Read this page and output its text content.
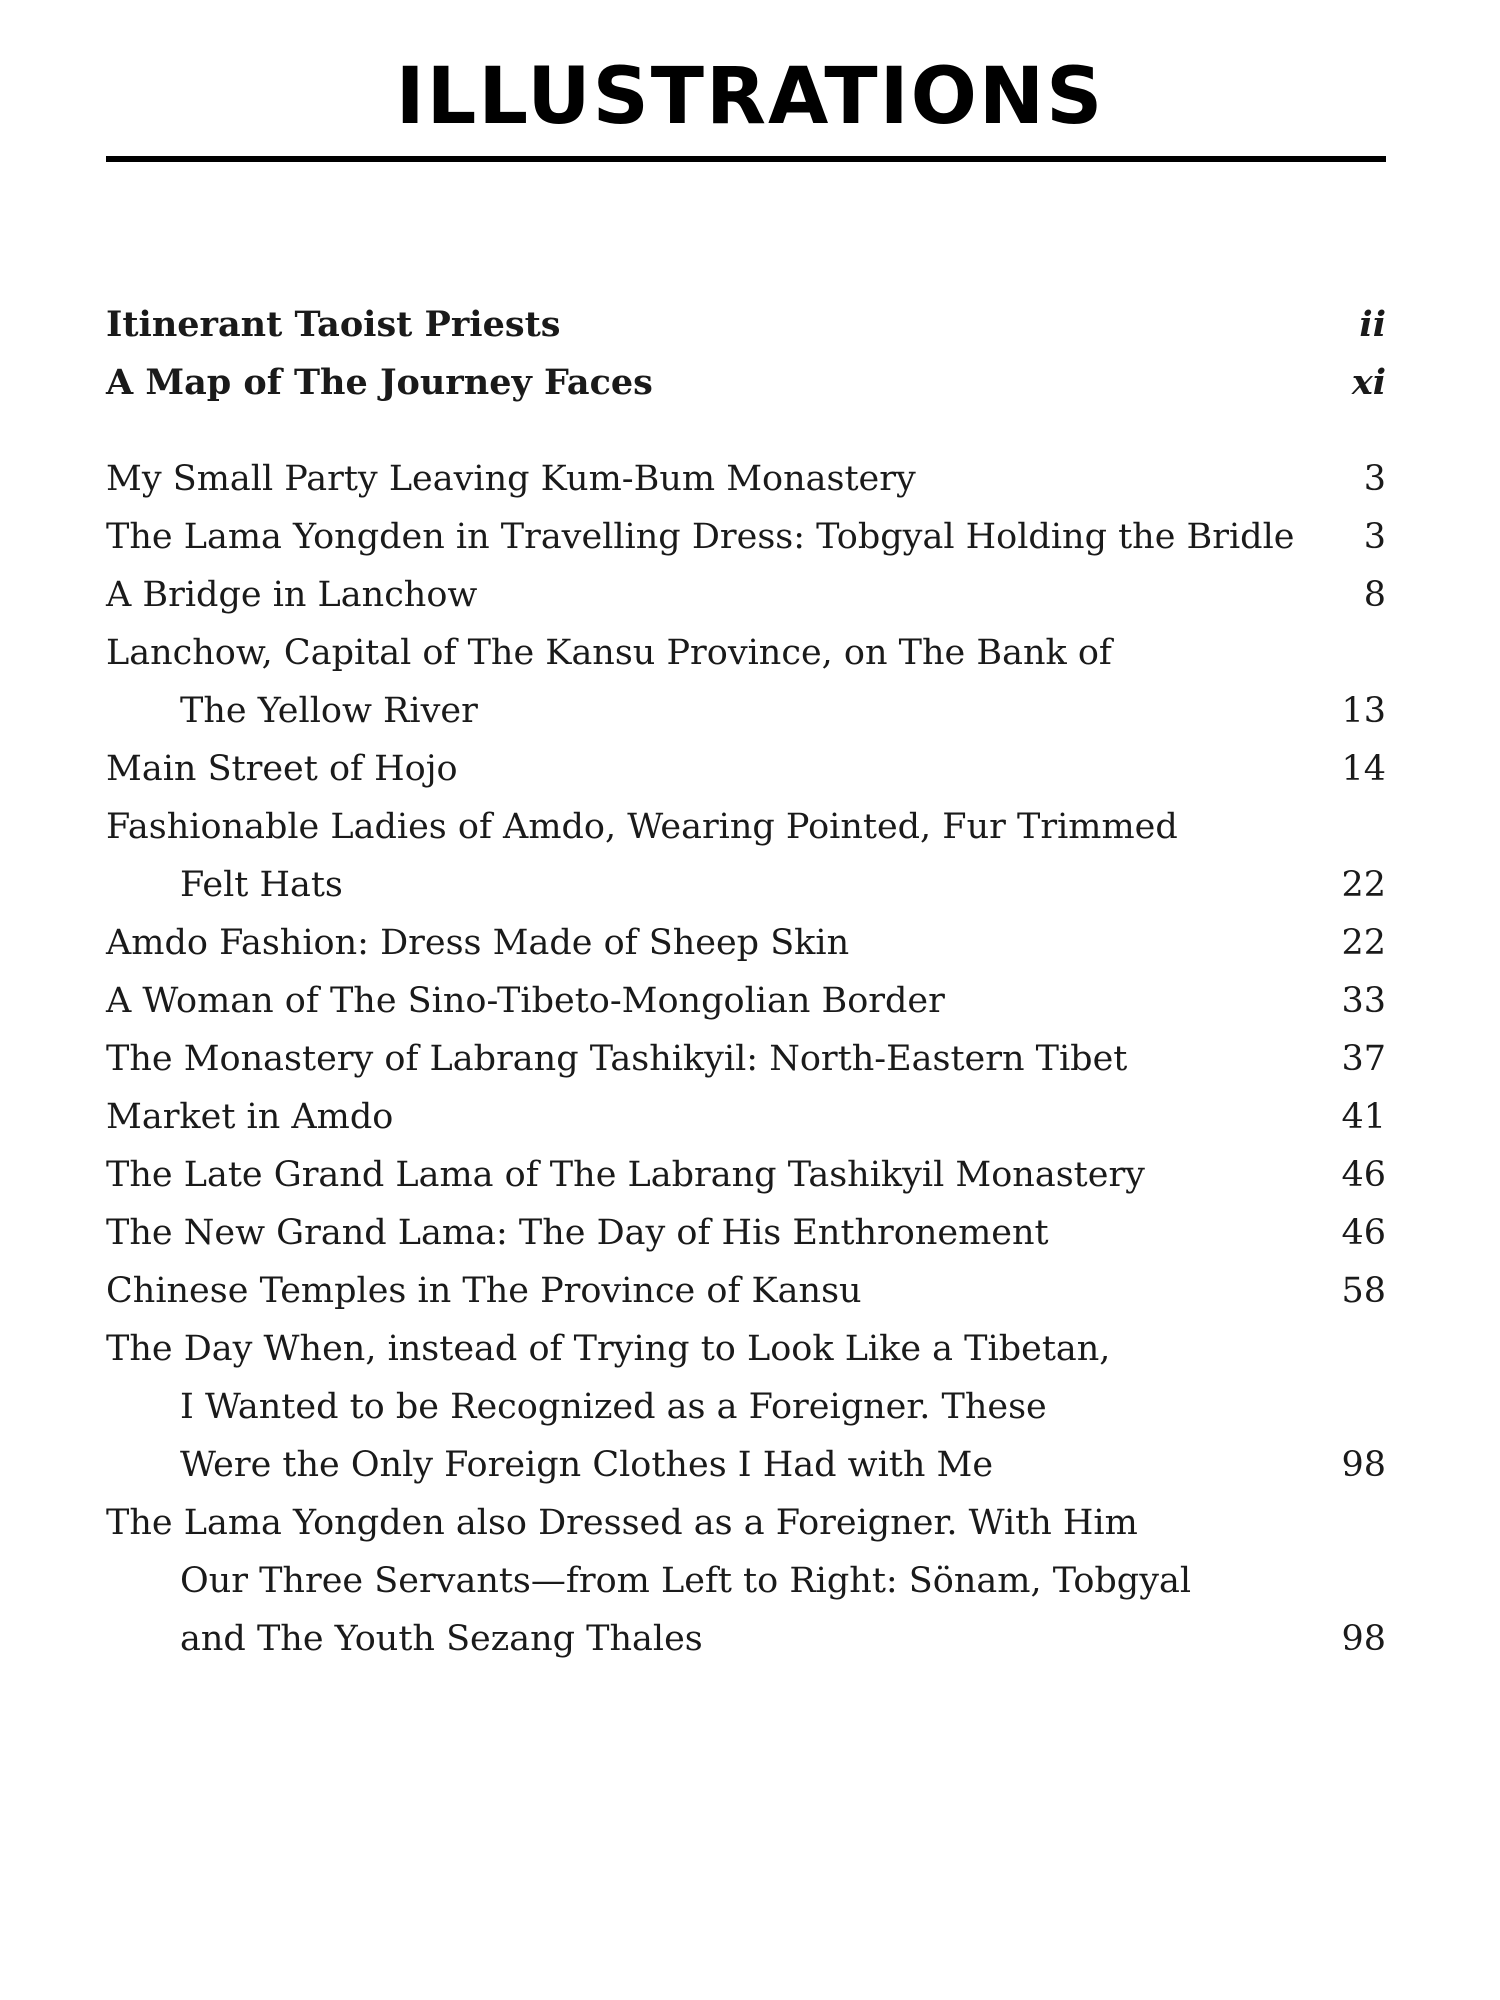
ILLUSTRATIONS
Itinerant Taoist Priests	ii
A Map of The Journey Faces	xi
My Small Party Leaving Kum-Bum Monastery	3
The Lama Yongden in Travelling Dress: Tobgyal Holding the Bridle	3
A Bridge in Lanchow	8
Lanchow, Capital of The Kansu Province, on The Bank of
The Yellow River	13
Main Street of Hojo	14
Fashionable Ladies of Amdo, Wearing Pointed, Fur Trimmed
Felt Hats	22
Amdo Fashion: Dress Made of Sheep Skin	22
A Woman of The Sino-Tibeto-Mongolian Border	33
The Monastery of Labrang Tashikyil: North-Eastern Tibet	37
Market in Amdo	41
The Late Grand Lama of The Labrang Tashikyil Monastery	46
The New Grand Lama: The Day of His Enthronement	46
Chinese Temples in The Province of Kansu	58
The Day When, instead of Trying to Look Like a Tibetan,
I Wanted to be Recognized as a Foreigner. These
Were the Only Foreign Clothes I Had with Me	98
The Lama Yongden also Dressed as a Foreigner. With Him
Our Three Servants—from Left to Right: Sönam, Tobgyal
and The Youth Sezang Thales	98
